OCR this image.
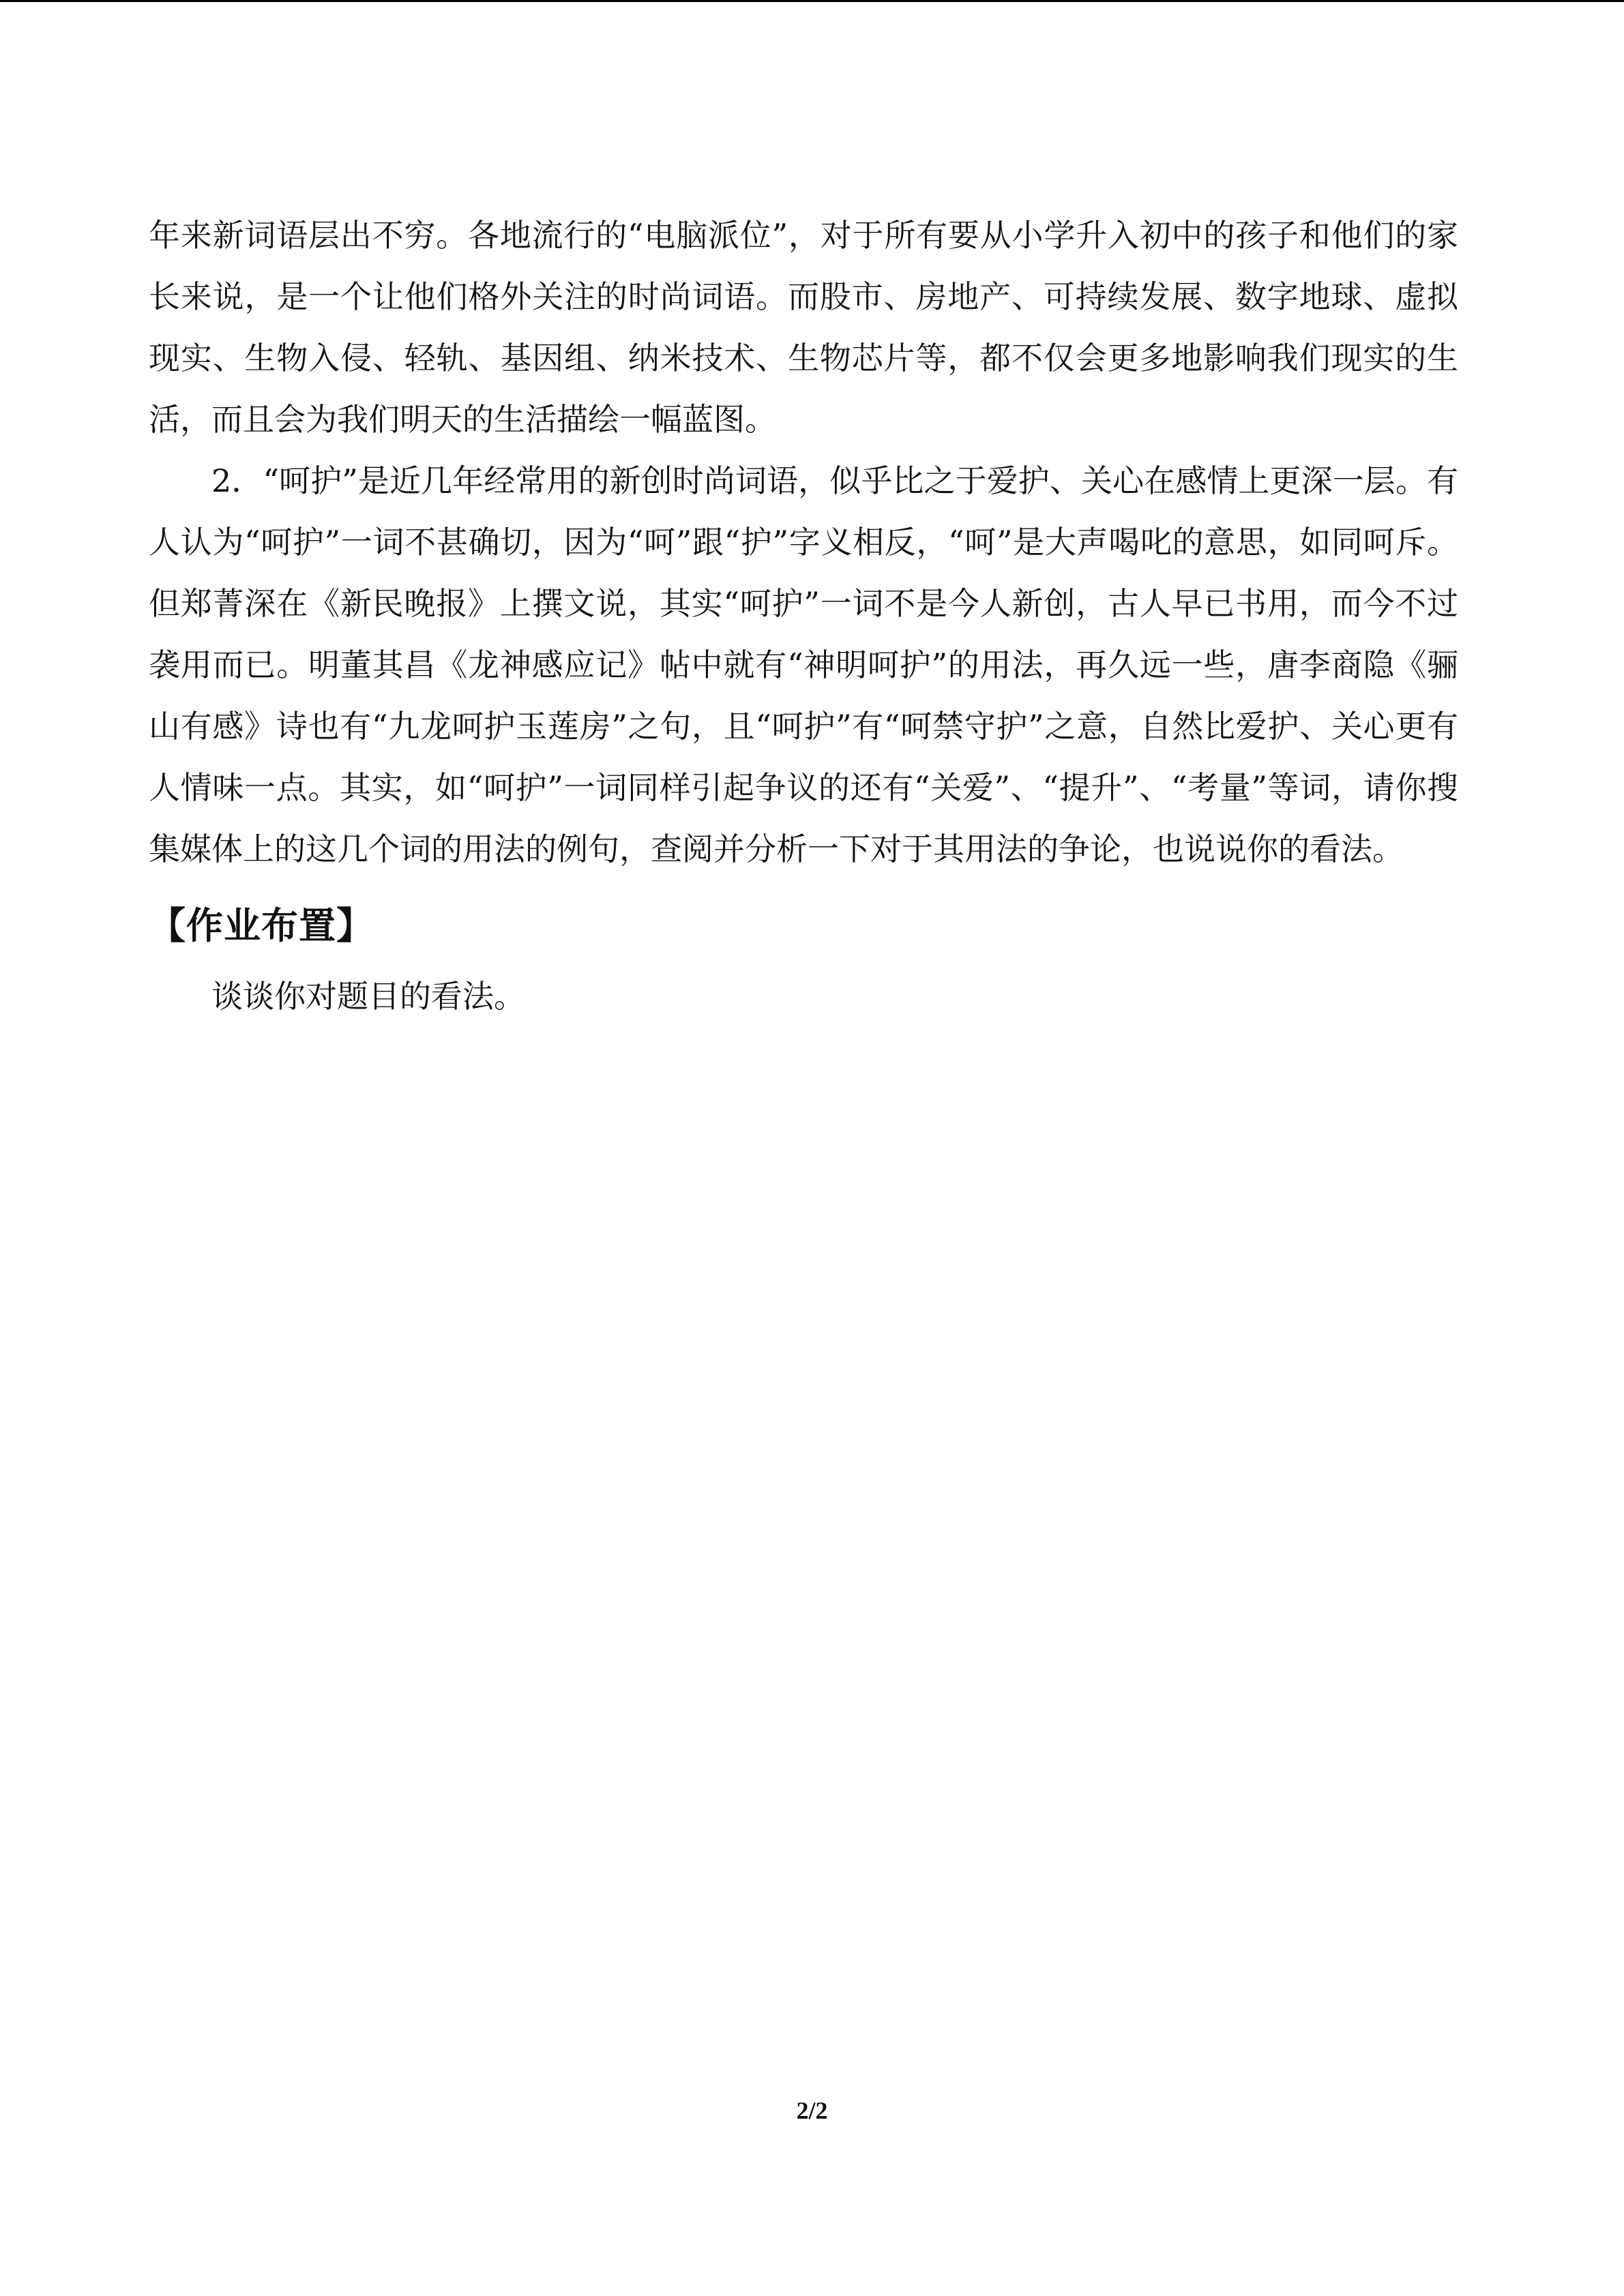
年来新词语层出不穷。各地流行的“电脑派位”，对于所有要从小学升入初中的孩子和他们的家长来说，是一个让他们格外关注的时尚词语。而股市、房地产、可持续发展、数字地球、虚拟现实、生物入侵、轻轨、基因组、纳米技术、生物芯片等，都不仅会更多地影响我们现实的生活，而且会为我们明天的生活描绘一幅蓝图。

2．“呵护”是近几年经常用的新创时尚词语，似乎比之于爱护、关心在感情上更深一层。有人认为“呵护”一词不甚确切，因为“呵”跟“护”字义相反，“呵”是大声喝叱的意思，如同呵斥。但郑菁深在《新民晚报》上撰文说，其实“呵护”一词不是今人新创，古人早已书用，而今不过袭用而已。明董其昌《龙神感应记》帖中就有“神明呵护”的用法，再久远一些，唐李商隐《骊山有感》诗也有“九龙呵护玉莲房”之句，且“呵护”有“呵禁守护”之意，自然比爱护、关心更有人情味一点。其实，如“呵护”一词同样引起争议的还有“关爱”、“提升”、“考量”等词，请你搜集媒体上的这几个词的用法的例句，查阅并分析一下对于其用法的争论，也说说你的看法。

【作业布置】

谈谈你对题目的看法。

2/2
